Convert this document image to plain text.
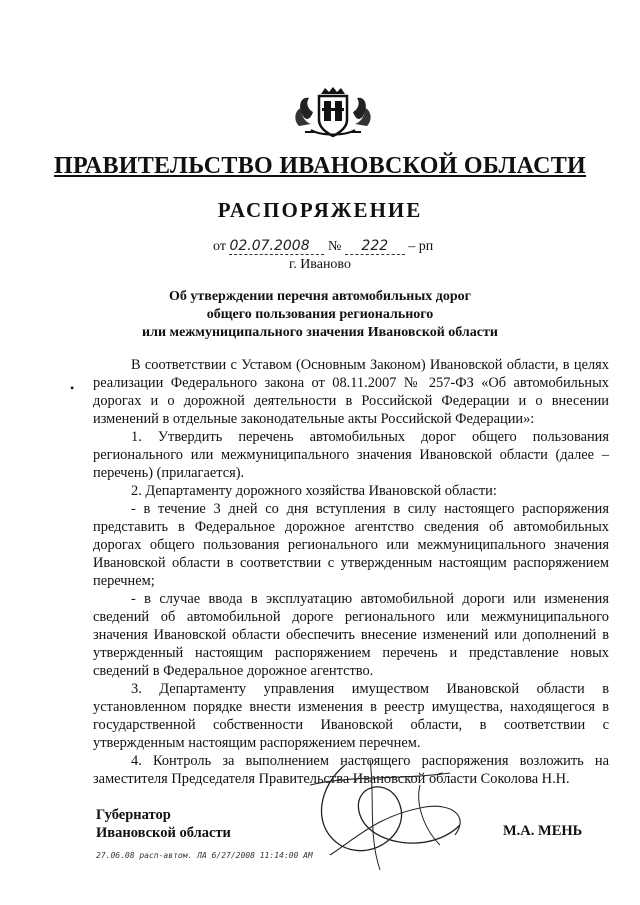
ПРАВИТЕЛЬСТВО ИВАНОВСКОЙ ОБЛАСТИ
РАСПОРЯЖЕНИЕ
от 02.07.2008 № 222 – рп
г. Иваново
Об утверждении перечня автомобильных дорог
общего пользования регионального
или межмуниципального значения Ивановской области
•

В соответствии с Уставом (Основным Законом) Ивановской области, в целях реализации Федерального закона от 08.11.2007 № 257-ФЗ «Об автомобильных дорогах и о дорожной деятельности в Российской Федерации и о внесении изменений в отдельные законодательные акты Российской Федерации»:

1. Утвердить перечень автомобильных дорог общего пользования регионального или межмуниципального значения Ивановской области (далее – перечень) (прилагается).

2. Департаменту дорожного хозяйства Ивановской области:

- в течение 3 дней со дня вступления в силу настоящего распоряжения представить в Федеральное дорожное агентство сведения об автомобильных дорогах общего пользования регионального или межмуниципального значения Ивановской области в соответствии с утвержденным настоящим распоряжением перечнем;

- в случае ввода в эксплуатацию автомобильной дороги или изменения сведений об автомобильной дороге регионального или межмуниципального значения Ивановской области обеспечить внесение изменений или дополнений в утвержденный настоящим распоряжением перечень и представление новых сведений в Федеральное дорожное агентство.

3. Департаменту управления имуществом Ивановской области в установленном порядке внести изменения в реестр имущества, находящегося в государственной собственности Ивановской области, в соответствии с утвержденным настоящим распоряжением перечнем.

4. Контроль за выполнением настоящего распоряжения возложить на заместителя Председателя Правительства Ивановской области Соколова Н.Н.

Губернатор
Ивановской области	М.А. МЕНЬ
27.06.08 расп-автом. ЛА 6/27/2008 11:14:00 AM
